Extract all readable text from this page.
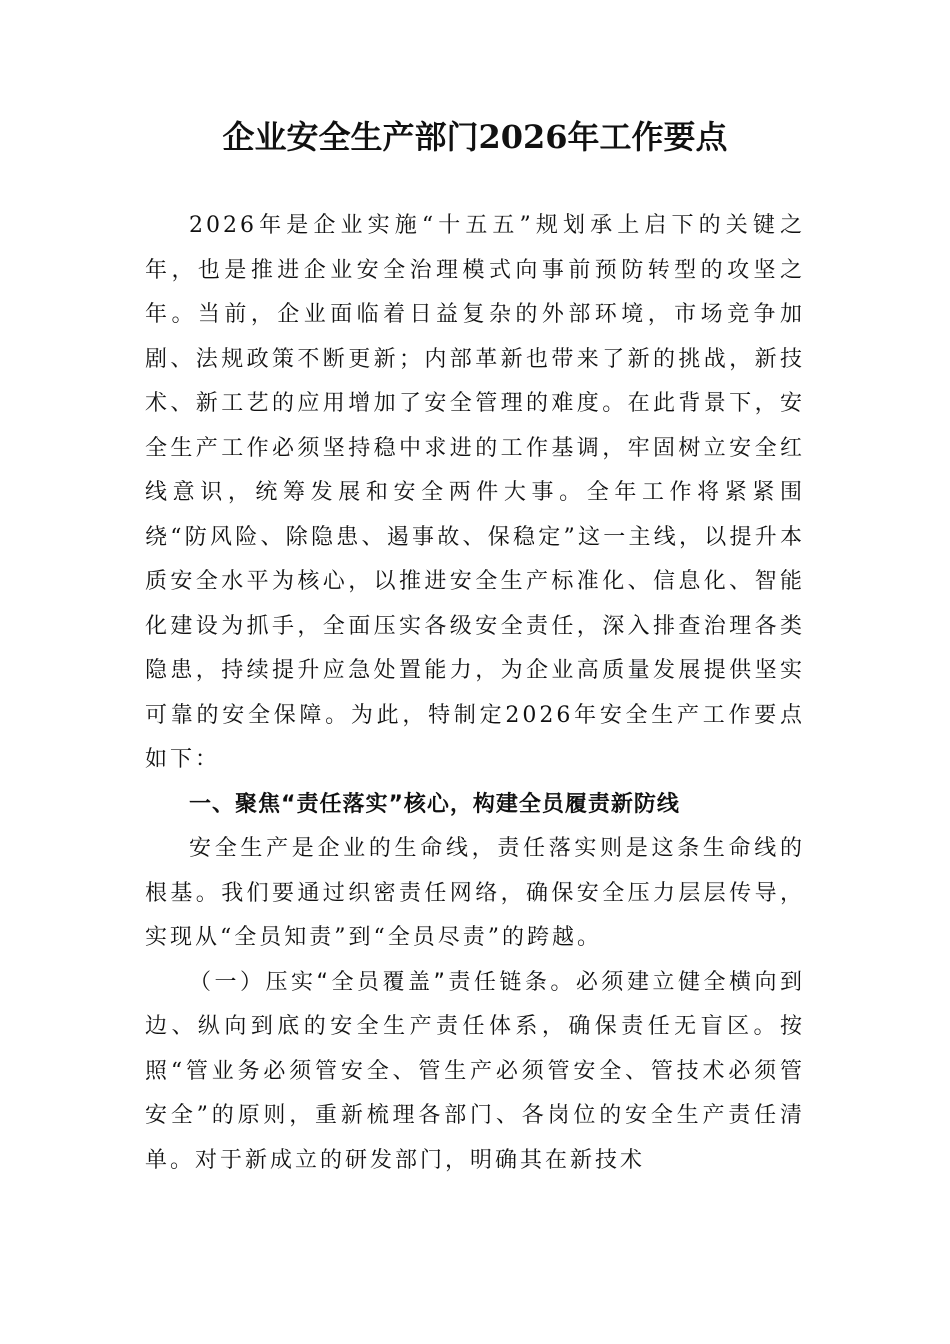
企业安全生产部门2026年工作要点

2026年是企业实施“十五五”规划承上启下的关键之年，也是推进企业安全治理模式向事前预防转型的攻坚之年。当前，企业面临着日益复杂的外部环境，市场竞争加剧、法规政策不断更新；内部革新也带来了新的挑战，新技术、新工艺的应用增加了安全管理的难度。在此背景下，安全生产工作必须坚持稳中求进的工作基调，牢固树立安全红线意识，统筹发展和安全两件大事。全年工作将紧紧围绕“防风险、除隐患、遏事故、保稳定”这一主线，以提升本质安全水平为核心，以推进安全生产标准化、信息化、智能化建设为抓手，全面压实各级安全责任，深入排查治理各类隐患，持续提升应急处置能力，为企业高质量发展提供坚实可靠的安全保障。为此，特制定2026年安全生产工作要点如下：

一、聚焦“责任落实”核心，构建全员履责新防线

安全生产是企业的生命线，责任落实则是这条生命线的根基。我们要通过织密责任网络，确保安全压力层层传导，实现从“全员知责”到“全员尽责”的跨越。

（一）压实“全员覆盖”责任链条。必须建立健全横向到边、纵向到底的安全生产责任体系，确保责任无盲区。按照“管业务必须管安全、管生产必须管安全、管技术必须管安全”的原则，重新梳理各部门、各岗位的安全生产责任清单。对于新成立的研发部门，明确其在新技术
